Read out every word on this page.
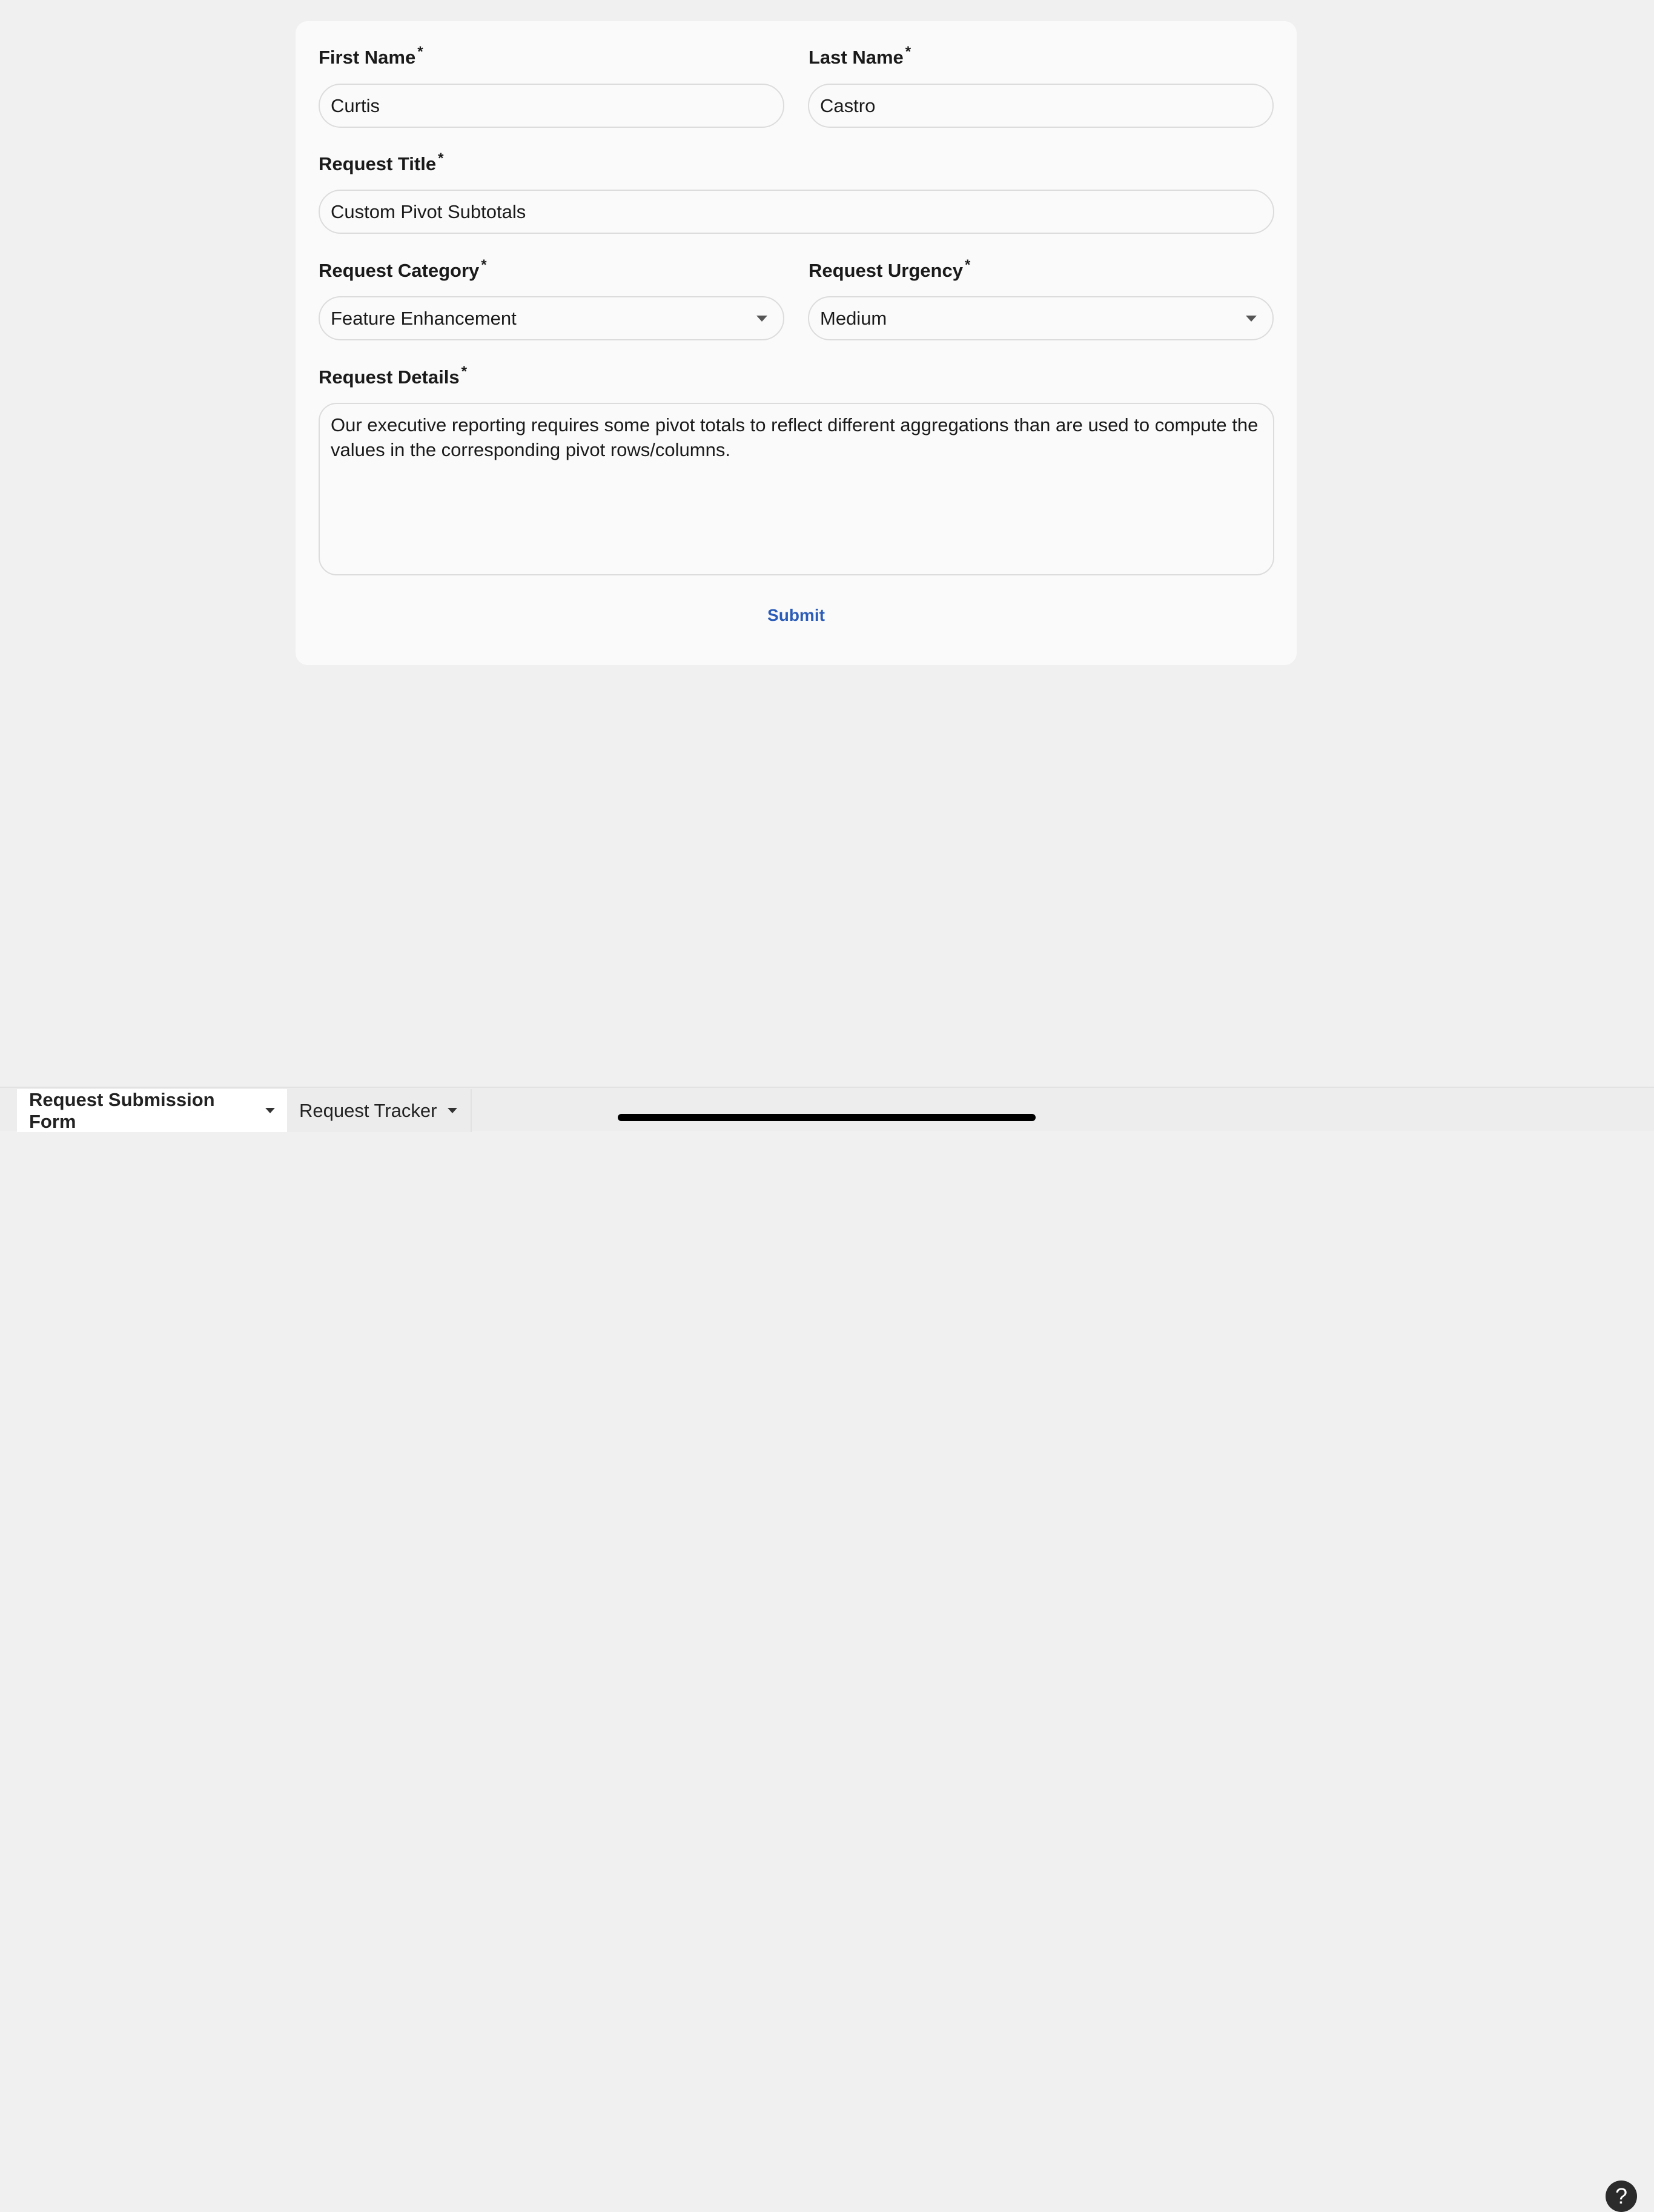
First Name *
Curtis
Last Name *
Castro
Request Title *
Custom Pivot Subtotals
Request Category *
Feature Enhancement
Request Urgency *
Medium
Request Details *
Our executive reporting requires some pivot totals to reflect different aggregations than are used to compute the values in the corresponding pivot rows/columns.
Submit
Request Submission Form
Request Tracker
?
